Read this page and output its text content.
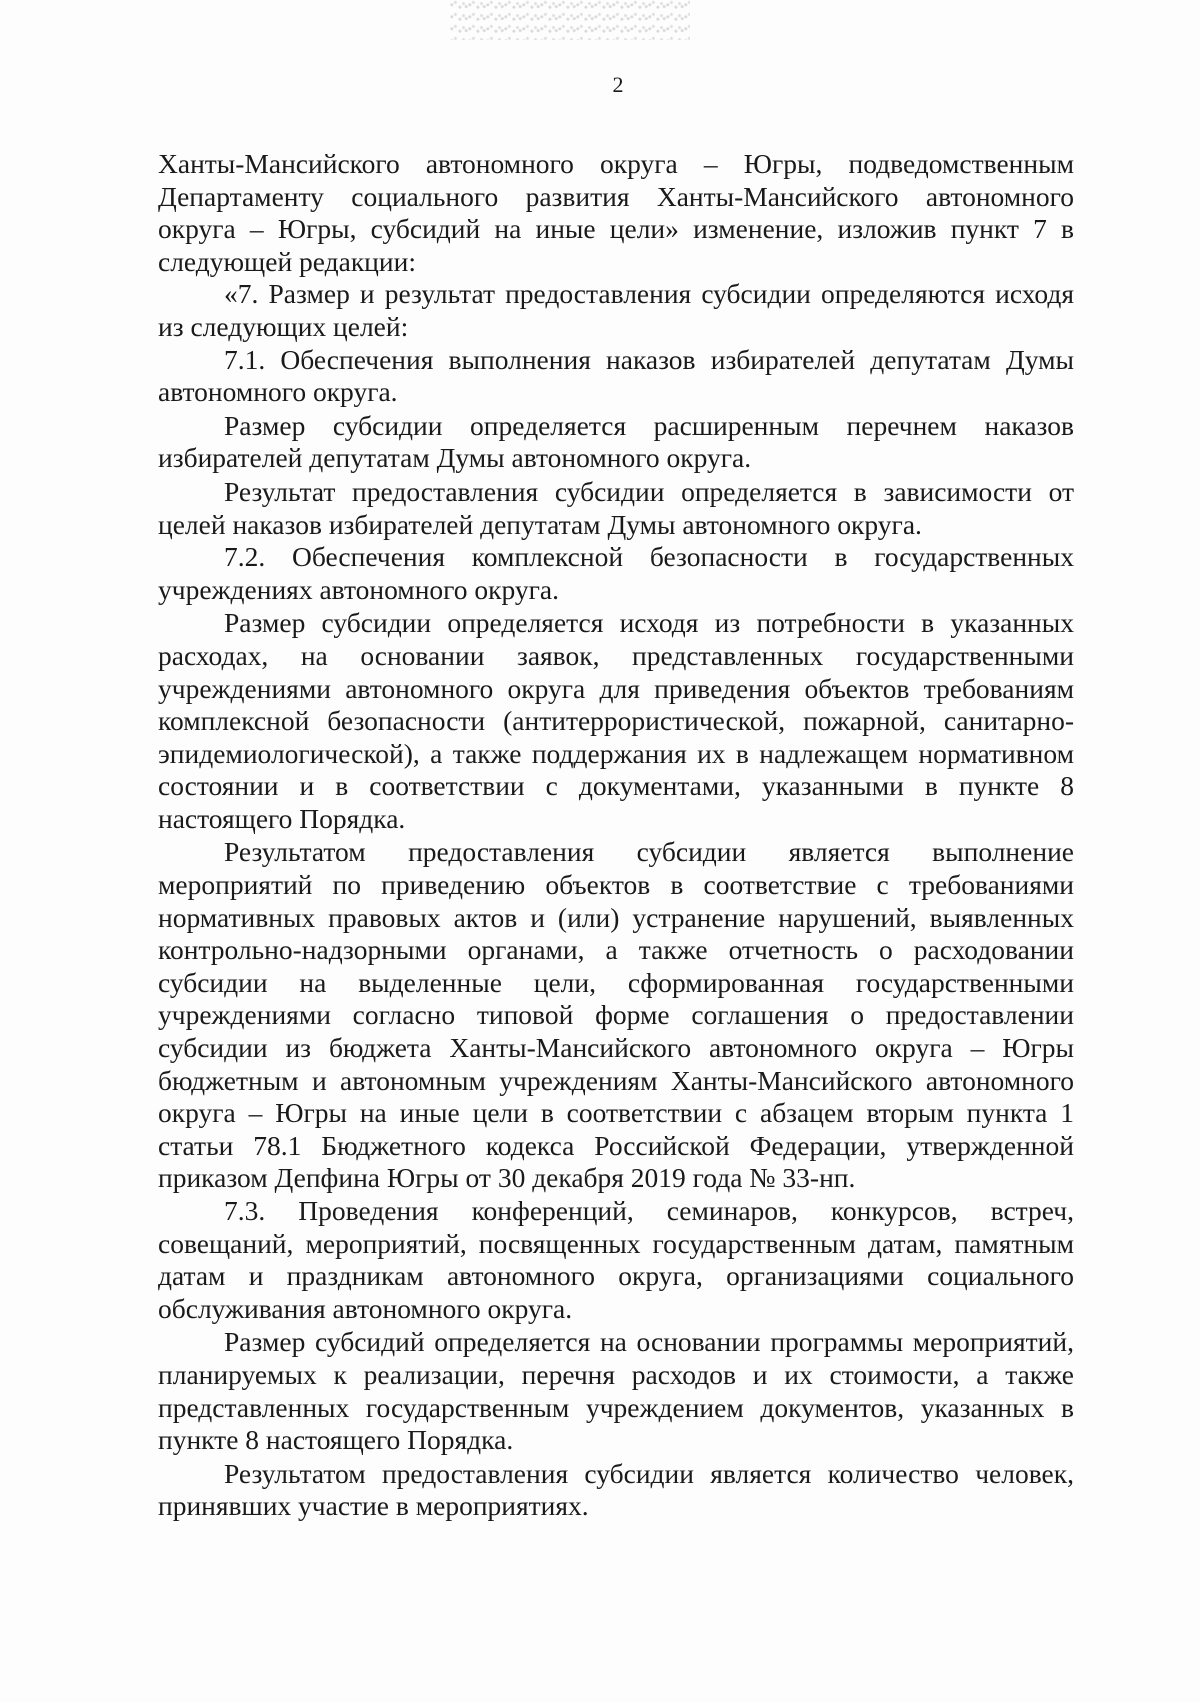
2

Ханты-Мансийского автономного округа – Югры, подведомственным Департаменту социального развития Ханты-Мансийского автономного округа – Югры, субсидий на иные цели» изменение, изложив пункт 7 в следующей редакции:

«7. Размер и результат предоставления субсидии определяются исходя из следующих целей:

7.1. Обеспечения выполнения наказов избирателей депутатам Думы автономного округа.

Размер субсидии определяется расширенным перечнем наказов избирателей депутатам Думы автономного округа.

Результат предоставления субсидии определяется в зависимости от целей наказов избирателей депутатам Думы автономного округа.

7.2. Обеспечения комплексной безопасности в государственных учреждениях автономного округа.

Размер субсидии определяется исходя из потребности в указанных расходах, на основании заявок, представленных государственными учреждениями автономного округа для приведения объектов требованиям комплексной безопасности (антитеррористической, пожарной, санитарно-эпидемиологической), а также поддержания их в надлежащем нормативном состоянии и в соответствии с документами, указанными в пункте 8 настоящего Порядка.

Результатом предоставления субсидии является выполнение мероприятий по приведению объектов в соответствие с требованиями нормативных правовых актов и (или) устранение нарушений, выявленных контрольно-надзорными органами, а также отчетность о расходовании субсидии на выделенные цели, сформированная государственными учреждениями согласно типовой форме соглашения о предоставлении субсидии из бюджета Ханты-Мансийского автономного округа – Югры бюджетным и автономным учреждениям Ханты-Мансийского автономного округа – Югры на иные цели в соответствии с абзацем вторым пункта 1 статьи 78.1 Бюджетного кодекса Российской Федерации, утвержденной приказом Депфина Югры от 30 декабря 2019 года № 33-нп.

7.3. Проведения конференций, семинаров, конкурсов, встреч, совещаний, мероприятий, посвященных государственным датам, памятным датам и праздникам автономного округа, организациями социального обслуживания автономного округа.

Размер субсидий определяется на основании программы мероприятий, планируемых к реализации, перечня расходов и их стоимости, а также представленных государственным учреждением документов, указанных в пункте 8 настоящего Порядка.

Результатом предоставления субсидии является количество человек, принявших участие в мероприятиях.
